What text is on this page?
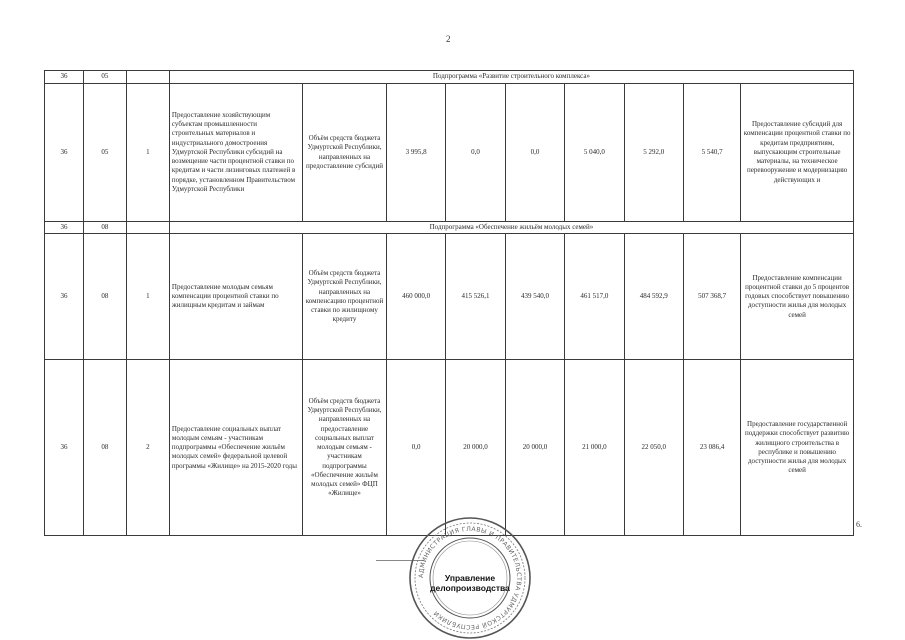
2
36	05		Подпрограмма «Развитие строительного комплекса»								
36	05	1	Предоставление хозяйствующим субъектам промышленности строительных материалов и индустриального домостроения Удмуртской Республики субсидий на возмещение части процентной ставки по кредитам и части лизинговых платежей в порядке, установленном Правительством Удмуртской Республики	Объём средств бюджета Удмуртской Республики, направленных на предоставление субсидий	3 995,8	0,0	0,0	5 040,0	5 292,0	5 540,7	Предоставление субсидий для компенсации процентной ставки по кредитам предприятиям, выпускающим строительные материалы, на техническое перевооружение и модернизацию действующих и
36	08		Подпрограмма «Обеспечение жильём молодых семей»								
36	08	1	Предоставление молодым семьям компенсации процентной ставки по жилищным кредитам и займам	Объём средств бюджета Удмуртской Республики, направленных на компенсацию процентной ставки по жилищному кредиту	460 000,0	415 526,1	439 540,0	461 517,0	484 592,9	507 368,7	Предоставление компенсации процентной ставки до 5 процентов годовых способствует повышению доступности жилья для молодых семей
36	08	2	Предоставление социальных выплат молодым семьям - участникам подпрограммы «Обеспечение жильём молодых семей» федеральной целевой программы «Жилище» на 2015-2020 годы	Объём средств бюджета Удмуртской Республики, направленных на предоставление социальных выплат молодым семьям - участникам подпрограммы «Обеспечение жильём молодых семей» ФЦП «Жилище»	0,0	20 000,0	20 000,0	21 000,0	22 050,0	23 086,4	Предоставление государственной поддержки способствует развитию жилищного строительства в республике и повышению доступности жилья для молодых семей
АДМИНИСТРАЦИЯ ГЛАВЫ И ПРАВИТЕЛЬСТВА УДМУРТСКОЙ РЕСПУБЛИКИ
Управление
делопроизводства
6.
